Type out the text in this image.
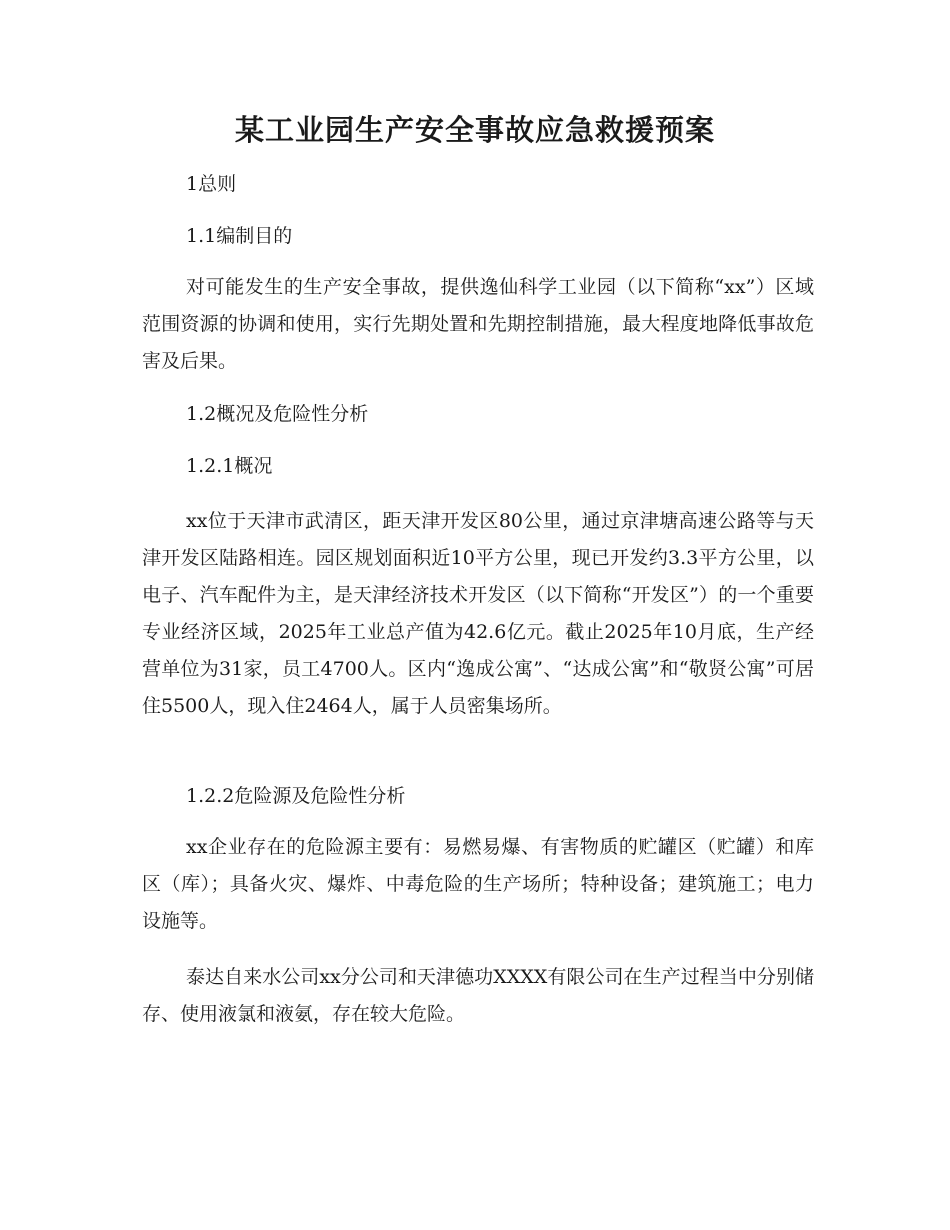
某工业园生产安全事故应急救援预案
1总则
1.1编制目的

对可能发生的生产安全事故，提供逸仙科学工业园（以下简称“xx”）区域范围资源的协调和使用，实行先期处置和先期控制措施，最大程度地降低事故危害及后果。

1.2概况及危险性分析
1.2.1概况

xx位于天津市武清区，距天津开发区80公里，通过京津塘高速公路等与天津开发区陆路相连。园区规划面积近10平方公里，现已开发约3.3平方公里，以电子、汽车配件为主，是天津经济技术开发区（以下简称“开发区”）的一个重要专业经济区域，2025年工业总产值为42.6亿元。截止2025年10月底，生产经营单位为31家，员工4700人。区内“逸成公寓”、“达成公寓”和“敬贤公寓”可居住5500人，现入住2464人，属于人员密集场所。

1.2.2危险源及危险性分析

xx企业存在的危险源主要有：易燃易爆、有害物质的贮罐区（贮罐）和库区（库）；具备火灾、爆炸、中毒危险的生产场所；特种设备；建筑施工；电力设施等。

泰达自来水公司xx分公司和天津德功XXXX有限公司在生产过程当中分别储存、使用液氯和液氨，存在较大危险。
